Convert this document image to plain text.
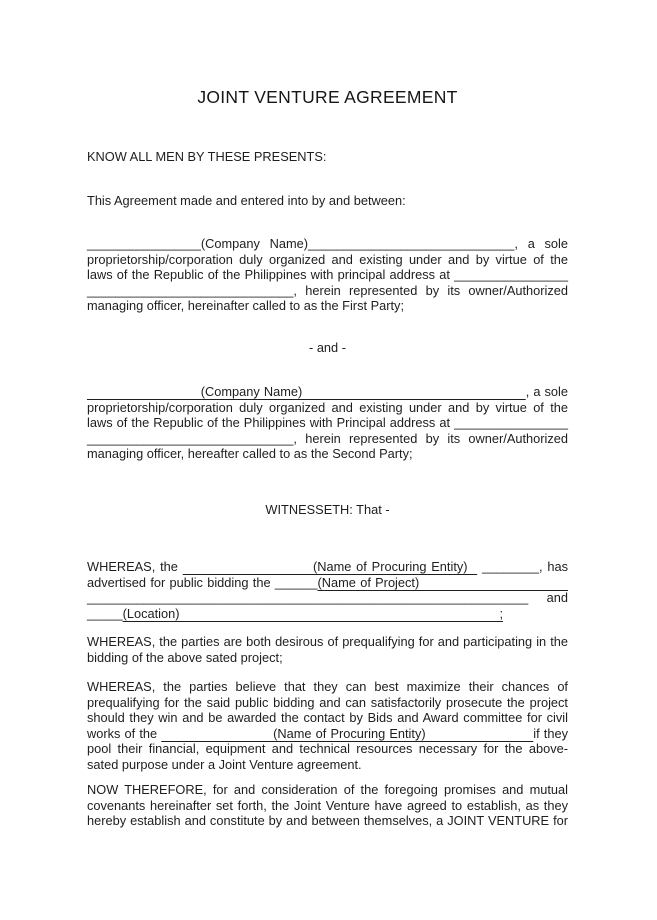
JOINT VENTURE AGREEMENT

KNOW ALL MEN BY THESE PRESENTS:

This Agreement made and entered into by and between:

________________(Company Name)_____________________________, a sole
proprietorship/corporation duly organized and existing under and by virtue of the
laws of the Republic of the Philippines with principal address at ________________
_____________________________, herein represented by its owner/Authorized
managing officer, hereinafter called to as the First Party;

- and -

(Company Name)                                                       , a sole
proprietorship/corporation duly organized and existing under and by virtue of the
laws of the Republic of the Philippines with Principal address at ________________
_____________________________, herein represented by its owner/Authorized
managing officer, hereafter called to as the Second Party;

WITNESSETH: That -

WHEREAS, the                            (Name of Procuring Entity)   ________, has
advertised for public bidding the ______(Name of Project)
______________________________________________________________ and
_____(Location)                                                                                          ;

WHEREAS, the parties are both desirous of prequalifying for and participating in the
bidding of the above sated project;

WHEREAS, the parties believe that they can best maximize their chances of
prequalifying for the said public bidding and can satisfactorily prosecute the project
should they win and be awarded the contact by Bids and Award committee for civil
works of the                            (Name of Procuring Entity)                          if they
pool their financial, equipment and technical resources necessary for the above-
sated purpose under a Joint Venture agreement.

NOW THEREFORE, for and consideration of the foregoing promises and mutual
covenants hereinafter set forth, the Joint Venture have agreed to establish, as they
hereby establish and constitute by and between themselves, a JOINT VENTURE for
